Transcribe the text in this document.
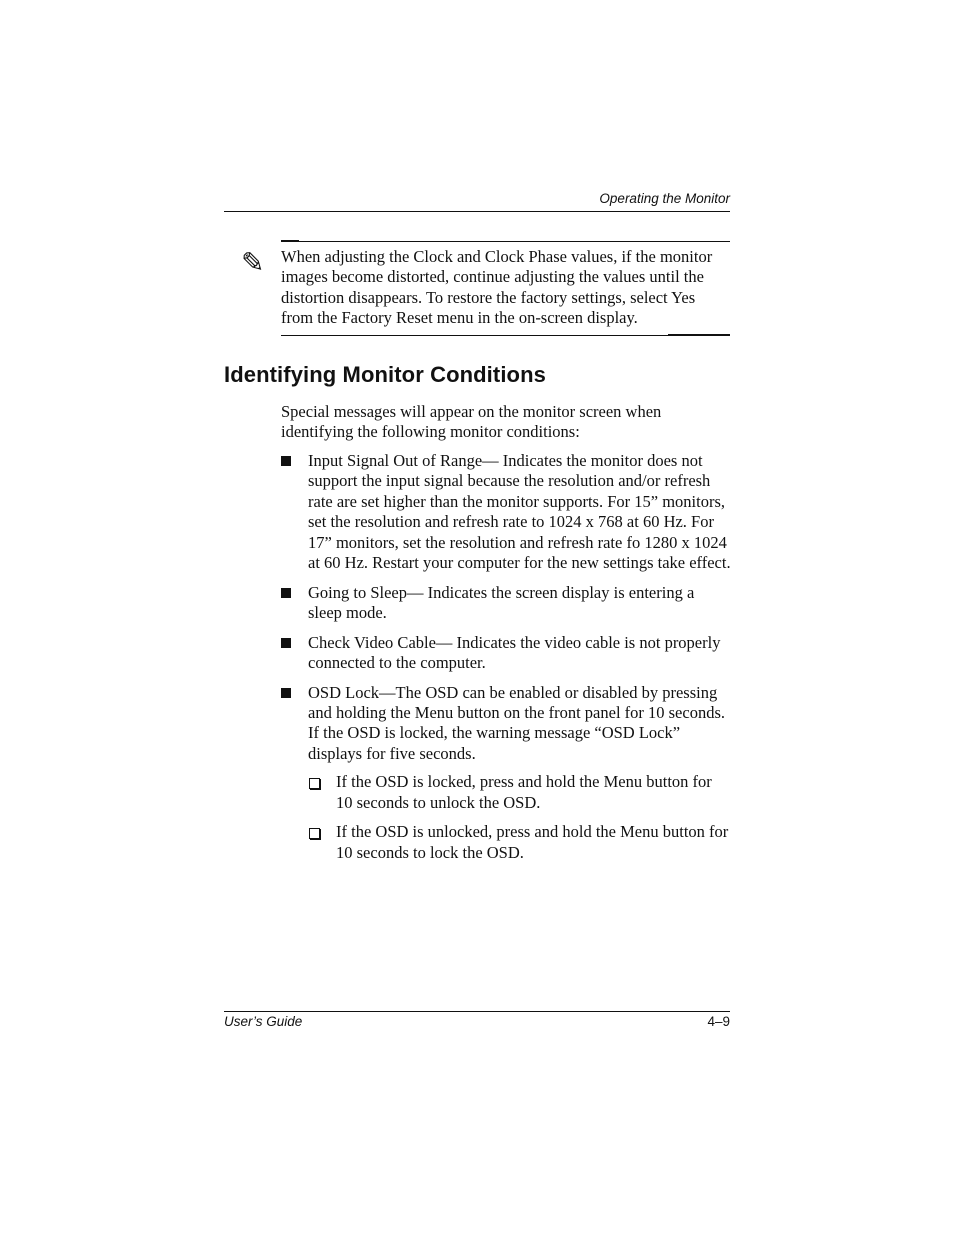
Operating the Monitor
✎ When adjusting the Clock and Clock Phase values, if the monitor images become distorted, continue adjusting the values until the distortion disappears. To restore the factory settings, select Yes from the Factory Reset menu in the on-screen display.
Identifying Monitor Conditions
Special messages will appear on the monitor screen when identifying the following monitor conditions:
Input Signal Out of Range— Indicates the monitor does not support the input signal because the resolution and/or refresh rate are set higher than the monitor supports. For 15” monitors, set the resolution and refresh rate to 1024 x 768 at 60 Hz. For 17” monitors, set the resolution and refresh rate fo 1280 x 1024 at 60 Hz. Restart your computer for the new settings take effect.
Going to Sleep— Indicates the screen display is entering a sleep mode.
Check Video Cable— Indicates the video cable is not properly connected to the computer.
OSD Lock—The OSD can be enabled or disabled by pressing and holding the Menu button on the front panel for 10 seconds. If the OSD is locked, the warning message “OSD Lock” displays for five seconds.
If the OSD is locked, press and hold the Menu button for 10 seconds to unlock the OSD.
If the OSD is unlocked, press and hold the Menu button for 10 seconds to lock the OSD.
User’s Guide	4–9
